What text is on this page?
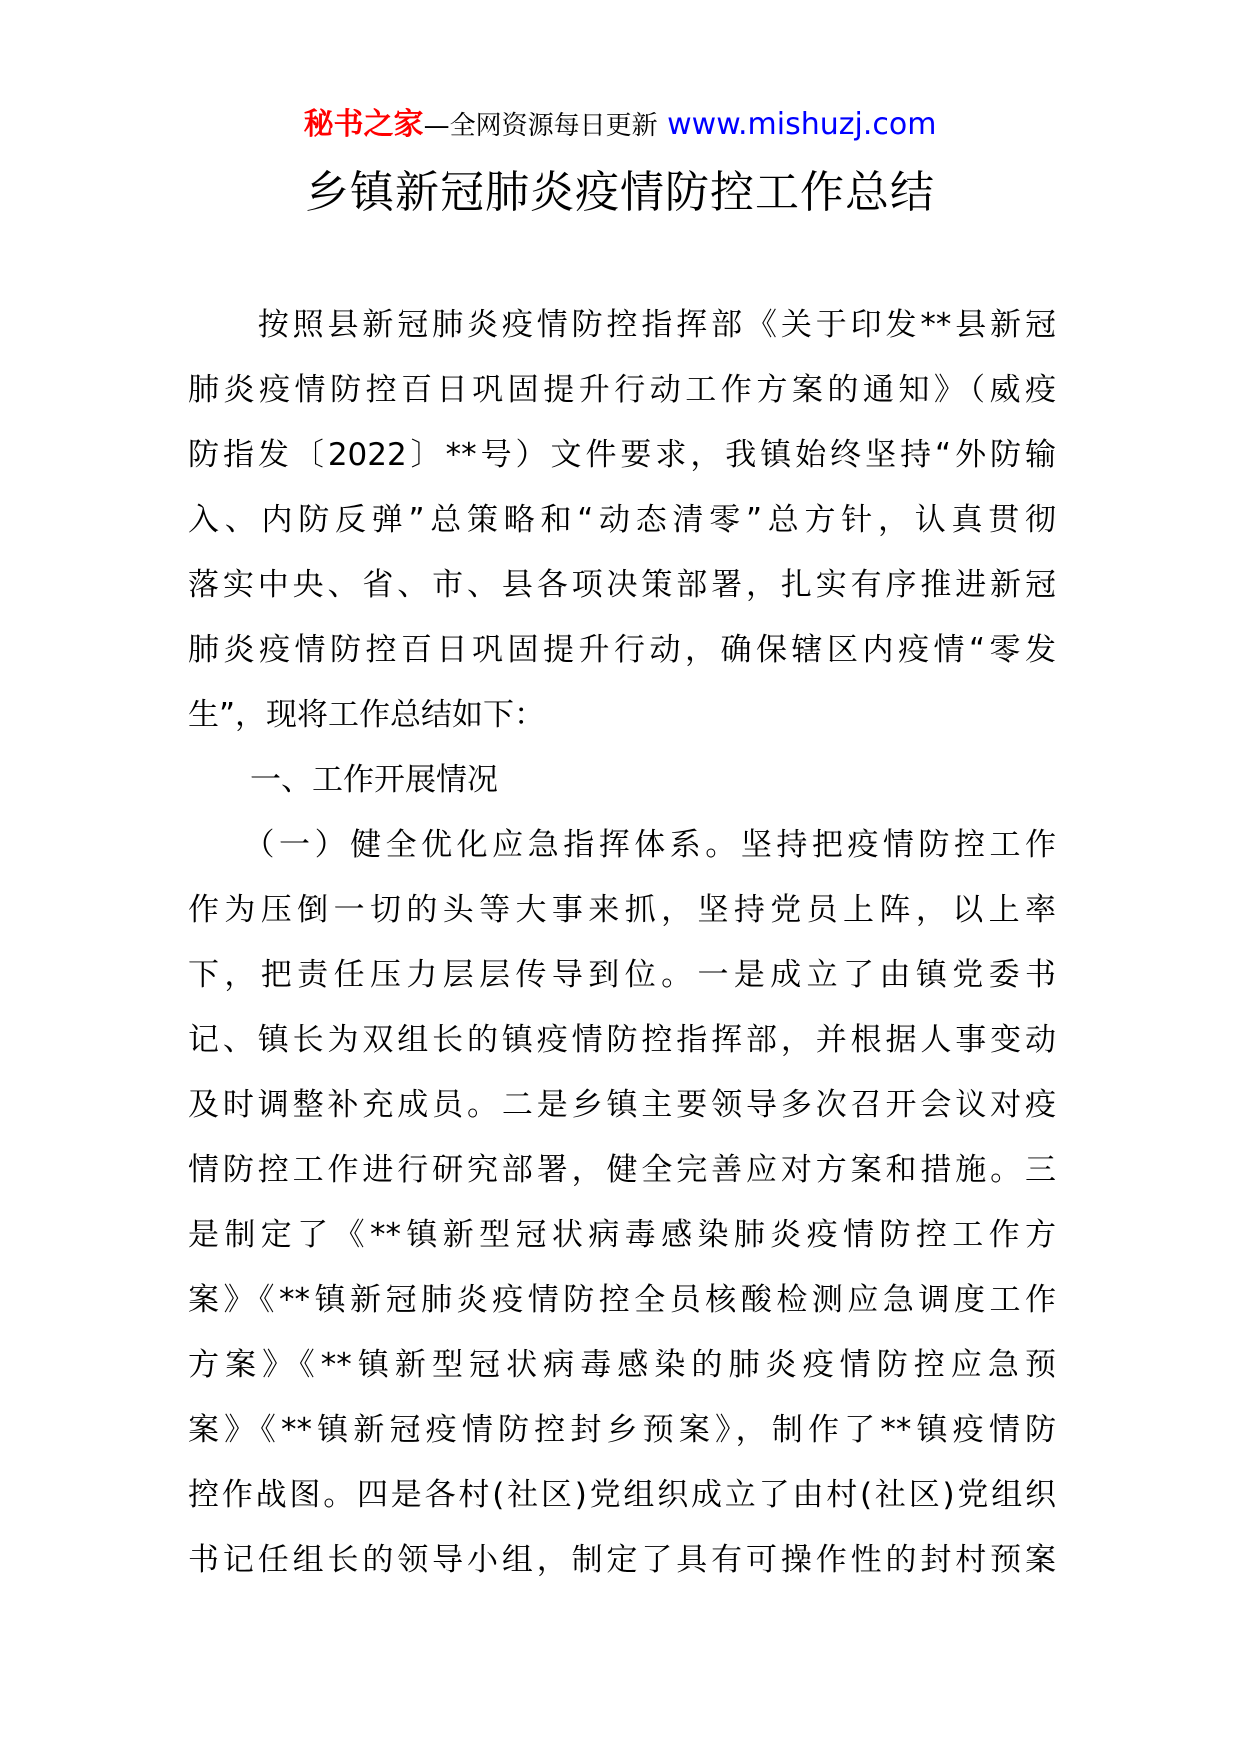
秘书之家—全网资源每日更新 www.mishuzj.com
乡镇新冠肺炎疫情防控工作总结
　　按照县新冠肺炎疫情防控指挥部《关于印发**县新冠
肺炎疫情防控百日巩固提升行动工作方案的通知》（威疫
防指发〔2022〕**号）文件要求，我镇始终坚持“外防输
入、内防反弹”总策略和“动态清零”总方针，认真贯彻
落实中央、省、市、县各项决策部署，扎实有序推进新冠
肺炎疫情防控百日巩固提升行动，确保辖区内疫情“零发
生”，现将工作总结如下：
　　一、工作开展情况
　　（一）健全优化应急指挥体系。坚持把疫情防控工作
作为压倒一切的头等大事来抓，坚持党员上阵，以上率
下，把责任压力层层传导到位。一是成立了由镇党委书
记、镇长为双组长的镇疫情防控指挥部，并根据人事变动
及时调整补充成员。二是乡镇主要领导多次召开会议对疫
情防控工作进行研究部署，健全完善应对方案和措施。三
是制定了《**镇新型冠状病毒感染肺炎疫情防控工作方
案》《**镇新冠肺炎疫情防控全员核酸检测应急调度工作
方案》《**镇新型冠状病毒感染的肺炎疫情防控应急预
案》《**镇新冠疫情防控封乡预案》，制作了**镇疫情防
控作战图。四是各村(社区)党组织成立了由村(社区)党组织
书记任组长的领导小组，制定了具有可操作性的封村预案
